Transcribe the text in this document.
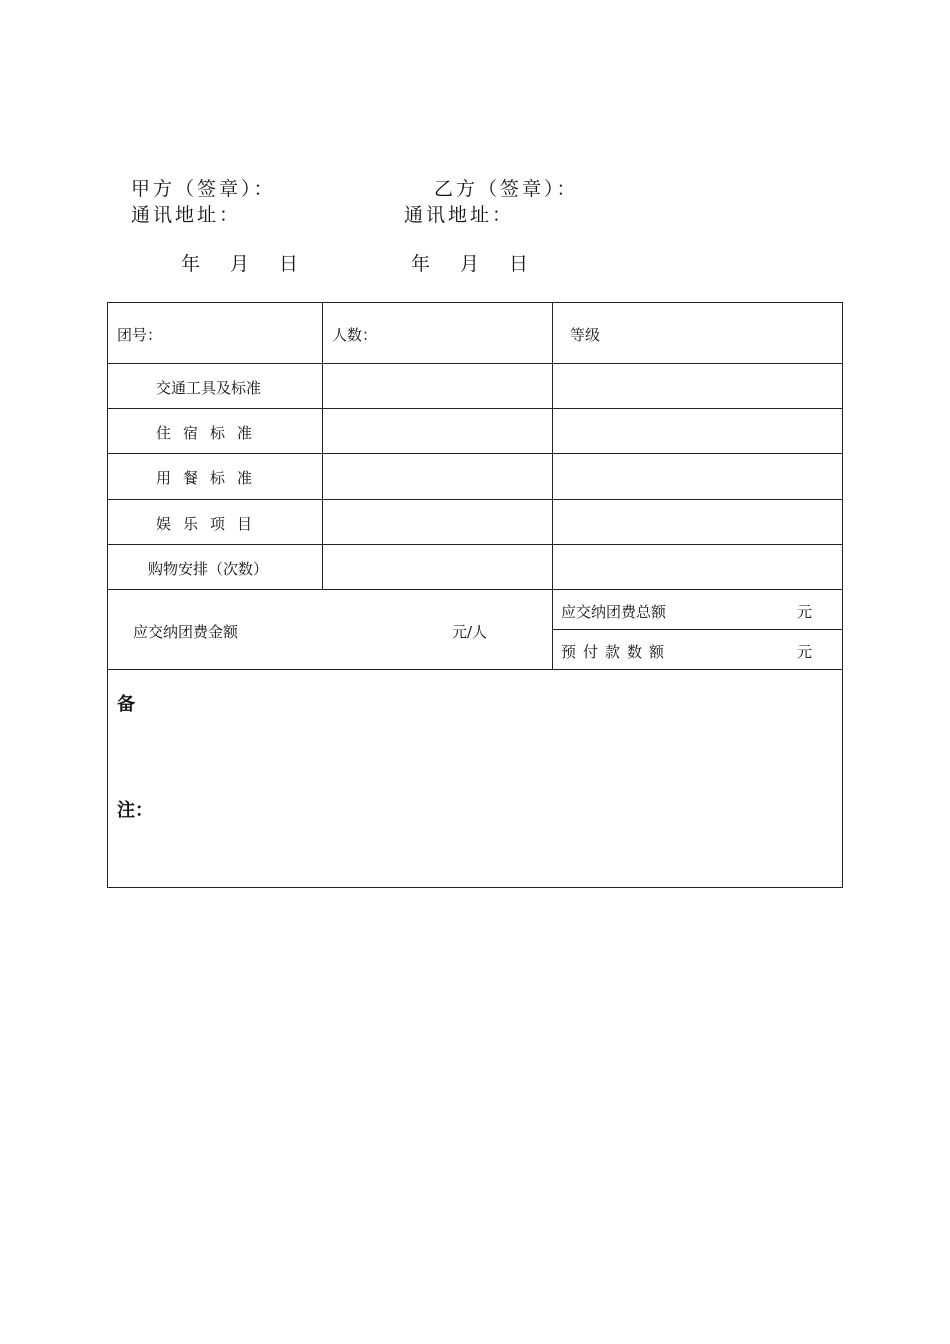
甲方（签章）：	乙方（签章）：
通讯地址：	通讯地址：
年 月 日	年 月 日
团号：	人数：	等级
交通工具及标准
住宿标准
用餐标准
娱乐项目
购物安排（次数）
应交纳团费金额	元/人
应交纳团费总额	元
预付款数额	元
备
注：
